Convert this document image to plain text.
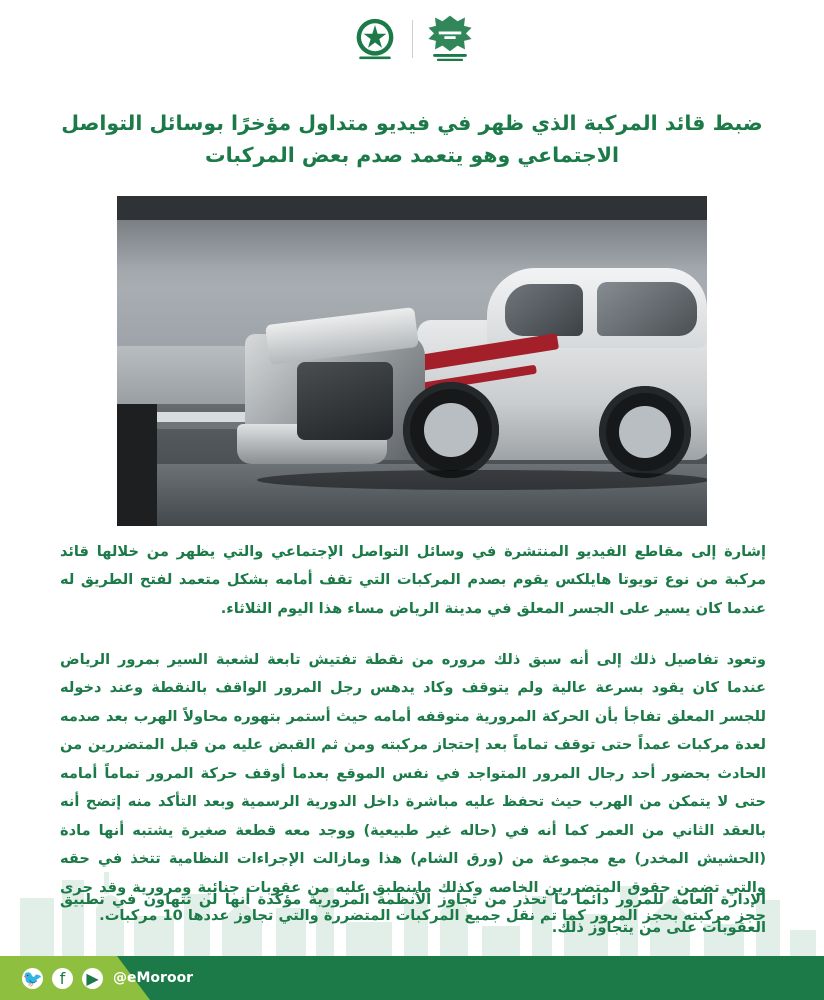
ضبط قائد المركبة الذي ظهر في فيديو متداول مؤخرًا بوسائل التواصل الاجتماعي وهو يتعمد صدم بعض المركبات
إشارة إلى مقاطع الفيديو المنتشرة في وسائل التواصل الإجتماعي والتي يظهر من خلالها قائد مركبة من نوع تويوتا هايلكس يقوم بصدم المركبات التي تقف أمامه بشكل متعمد لفتح الطريق له عندما كان يسير على الجسر المعلق في مدينة الرياض مساء هذا اليوم الثلاثاء.
وتعود تفاصيل ذلك إلى أنه سبق ذلك مروره من نقطة تفتيش تابعة لشعبة السير بمرور الرياض عندما كان يقود بسرعة عالية ولم يتوقف وكاد يدهس رجل المرور الواقف بالنقطة وعند دخوله للجسر المعلق تفاجأ بأن الحركة المرورية متوقفه أمامه حيث أستمر بتهوره محاولاً الهرب بعد صدمه لعدة مركبات عمداً حتى توقف تماماً بعد إحتجاز مركبته ومن ثم القبض عليه من قبل المتضررين من الحادث بحضور أحد رجال المرور المتواجد في نفس الموقع بعدما أوقف حركة المرور تماماً أمامه حتى لا يتمكن من الهرب حيث تحفظ عليه مباشرة داخل الدورية الرسمية وبعد التأكد منه إتضح أنه بالعقد الثاني من العمر كما أنه في (حاله غير طبيعية) ووجد معه قطعة صغيرة يشتبه أنها مادة (الحشيش المخدر) مع مجموعة من (ورق الشام) هذا ومازالت الإجراءات النظامية تتخذ في حقه والتي تضمن حقوق المتضررين الخاصه وكذلك ماينطبق عليه من عقوبات جنائية ومرورية وقد جرى حجز مركبته بحجز المرور كما تم نقل جميع المركبات المتضررة والتي تجاوز عددها 10 مركبات.
الإدارة العامة للمرور دائماً ما تحذر من تجاوز الأنظمة المرورية مؤكدة أنها لن تتهاون في تطبيق العقوبات على من يتجاوز ذلك.
🐦	f	▶	@eMoroor
